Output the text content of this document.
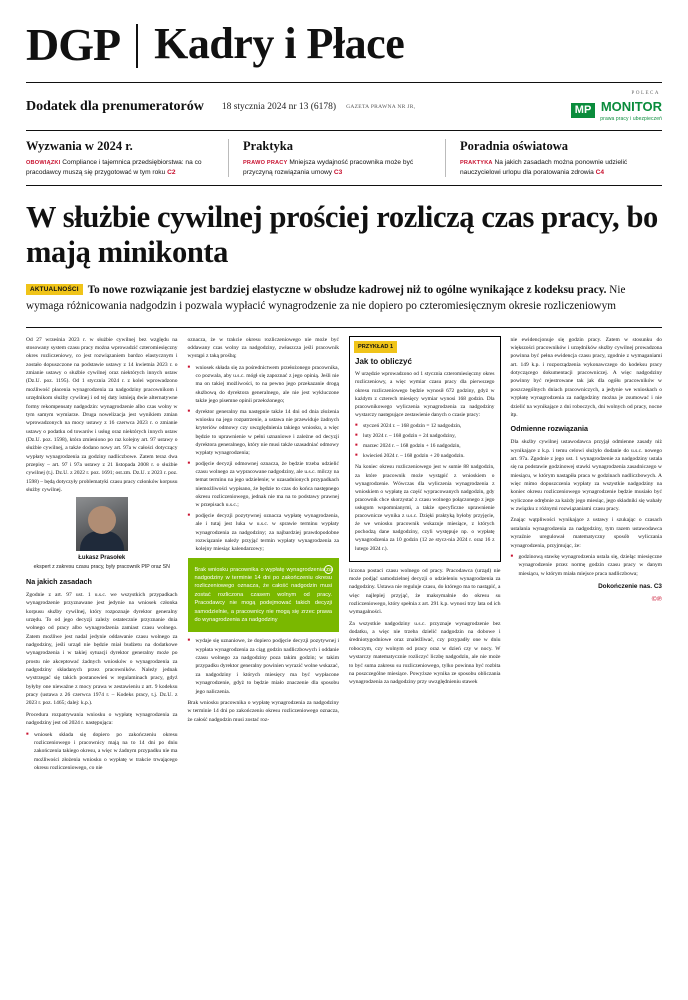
DGP Kadry i Płace
Dodatek dla prenumeratorów 18 stycznia 2024 nr 13 (6178) GAZETA PRAWNA NR JR,
POLECA
MP MONITOR
prawa pracy i ubezpieczeń
Wyzwania w 2024 r.
OBOWIĄZKI Compliance i tajemnica przedsiębiorstwa: na co pracodawcy muszą się przygotować w tym roku C2
Praktyka
PRAWO PRACY Mniejsza wydajność pracownika może być przyczyną rozwiązania umowy C3
Poradnia oświatowa
PRAKTYKA Na jakich zasadach można ponownie udzielić nauczycielowi urlopu dla poratowania zdrowia C4
W służbie cywilnej prościej rozliczą czas pracy, bo mają minikonta
AKTUALNOŚCI To nowe rozwiązanie jest bardziej elastyczne w obsłudze kadrowej niż to ogólne wynikające z kodeksu pracy. Nie wymaga różnicowania nadgodzin i pozwala wypłacić wynagrodzenie za nie dopiero po czteromiesięcznym okresie rozliczeniowym

Od 27 września 2023 r. w służbie cywilnej bez względu na stosowany system czasu pracy można wprowadzić czteromiesięczny okres rozliczeniowy, co jest rozwiązaniem bardzo elastycznym i zostało dopuszczone na podstawie ustawy z 14 kwietnia 2023 r. o zmianie ustawy o służbie cywilnej oraz niektórych innych ustaw (Dz.U. poz. 1195). Od 1 stycznia 2024 r. z kolei wprowadzono możliwość płacenia wynagrodzenia za nadgodziny pracownikom i urzędnikom służby cywilnej i od tej daty istnieją dwie alternatywne formy rekompensaty nadgodzin: wynagrodzenie albo czas wolny w tym samym wymiarze. Druga nowelizacja jest wynikiem zmian wprowadzonych na mocy ustawy z 16 czerwca 2023 r. o zmianie ustawy o podatku od towarów i usług oraz niektórych innych ustaw (Dz.U. poz. 1598), która zmieniono po raz kolejny art. 97 ustawy o służbie cywilnej, a także dodano nowy art. 97a w całości dotyczący wypłaty wynagrodzenia za godziny nadliczbowe. Zatem teraz dwa przepisy – art. 97 i 97a ustawy z 21 listopada 2008 r. o służbie cywilnej (t.j. Dz.U. z 2022 r. poz. 1691; ost.zm. Dz.U. z 2023 r. poz. 1598) – będą dotyczyły problematyki czasu pracy członków korpusu służby cywilnej.

Łukasz Prasołek
ekspert z zakresu czasu pracy, były pracownik PIP oraz SN
Na jakich zasadach

Zgodnie z art. 97 ust. 1 u.s.c. we wszystkich przypadkach wynagrodzenie przyznawane jest jedynie na wniosek członka korpusu służby cywilnej, który rozpoznaje dyrektor generalny urzędu. To od jego decyzji zależy ostatecznie przyznanie dnia wolnego od pracy albo wynagrodzenia zamiast czasu wolnego. Zatem możliwe jest nadal jedynie oddawanie czasu wolnego za nadgodziny, jeśli urząd nie będzie miał budżetu na dodatkowe wynagrodzenia i w takiej sytuacji dyrektor generalny może po prostu nie akceptować żadnych wniosków o wynagrodzenia za nadgodziny składanych przez pracowników. Należy jednak wystrzegać się takich postanowień w regulaminach pracy, gdyż byłyby one nieważne z mocy prawa w zestawieniu z art. 9 kodeksu pracy (ustawa z 26 czerwca 1974 r. – Kodeks pracy, t.j. Dz.U. z 2023 r. poz. 1465; dalej: k.p.).

Procedura rozpatrywania wniosku o wypłatę wynagrodzenia za nadgodziny jest od 2024 r. następująca:

■ wniosek składa się dopiero po zakończeniu okresu rozliczeniowego i pracownicy mają na to 14 dni po dniu zakończenia takiego okresu, a więc w żadnym przypadku nie ma możliwości złożenia wniosku o wypłatę w trakcie trwającego okresu rozliczeniowego, co nie

oznacza, że w trakcie okresu rozliczeniowego nie może być oddawany czas wolny za nadgodziny, zwłaszcza jeśli pracownik wystąpi z taką prośbą;

■ wniosek składa się za pośrednictwem przełożonego pracownika, co pozwala, aby u.s.c. mógł się zapoznać z jego opinią. Jeśli nie ma on takiej możliwości, to na pewno jego przekazanie drogą służbową do dyrektora generalnego, ale nie jest wykluczone także jego pisemne opinii przełożonego;
■ dyrektor generalny ma następnie także 14 dni od dnia złożenia wniosku na jego rozpatrzenie, a ustawa nie przewiduje żadnych kryteriów odmowy czy uwzględnienia takiego wniosku, a więc będzie to uprawnienie w pełni uznaniowe i zależne od decyzji dyrektora generalnego, który nie musi także uzasadniać odmowy wypłaty wynagrodzenia;
■ podjęcie decyzji odmownej oznacza, że będzie trzeba udzielić czasu wolnego za wypracowane nadgodziny, ale u.s.c. milczy na temat terminu na jego udzielenie; w uzasadnionych przypadkach niemożliwości wypisano, że będzie to czas do końca następnego okresu rozliczeniowego, jednak nie ma na to podstawy prawnej w przepisach u.s.c.;
■ podjęcie decyzji pozytywnej oznacza wypłatę wynagrodzenia, ale i tutaj jest luka w u.s.c. w sprawie terminu wypłaty wynagrodzenia za nadgodziny; za najbardziej prawdopodobne rozwiązanie należy przyjąć termin wypłaty wynagrodzenia za kolejny miesiąc kalendarzowy;

Brak wniosku pracownika o wypłatę wynagrodzenia za nadgodziny w terminie 14 dni po zakończeniu okresu rozliczeniowego oznacza, że całość nadgodzin musi zostać rozliczona czasem wolnym od pracy. Pracodawcy nie mogą podejmować takich decyzji samodzielnie, a pracownicy nie mogą się zrzec prawa do wynagrodzenia za nadgodziny

■ wydaje się uznaniowe, że dopiero podjęcie decyzji pozytywnej i wypłata wynagrodzenia za ciąg godzin nadliczbowych i oddanie czasu wolnego za nadgodziny poza takim godzin; w takim przypadku dyrektor generalny powinien wyrazić wolne wskazać, za nadgodziny i których miesięcy ma być wypłacone wynagrodzenie, gdyż to będzie miało znaczenie dla sposobu jego naliczenia.

Brak wniosku pracownika o wypłatę wynagrodzenia za nadgodziny w terminie 14 dni po zakończeniu okresu rozliczeniowego oznacza, że całość nadgodzin musi zostać roz-

PRZYKŁAD 1
Jak to obliczyć

W urzędzie wprowadzono od 1 stycznia czteromiesięczny okres rozliczeniowy, a więc wymiar czasu pracy dla pierwszego okresu rozliczeniowego będzie wynosił 672 godziny, gdyż w każdym z czterech miesięcy wymiar wynosi 168 godzin. Dla pracownikowego wyliczenia wynagrodzenia za nadgodziny wystarczy następujące zestawienie danych o czasie pracy:

■ styczeń 2024 r. – 168 godzin = 12 nadgodzin,
■ luty 2024 r. – 168 godzin + 24 nadgodziny,
■ marzec 2024 r. – 168 godzin + 16 nadgodzin,
■ kwiecień 2024 r. – 168 godzin + 20 nadgodzin.

Na koniec okresu rozliczeniowego jest w sumie 88 nadgodzin, za które pracownik może wystąpić z wnioskiem o wynagrodzenie. Wówczas dla wyliczenia wynagrodzenia z wnioskiem o wypłatę za część wypracowanych nadgodzin, gdy pracownik chce skorzystać z czasu wolnego połączonego z jego usługom wspomnianymi, a także specyficzne uprawnienie pracownicze wynika z u.s.c. Dzięki praktyką byłoby przyjęcie, że we wniosku pracownik wskazuje miesiące, z których pochodzą dane nadgodziny, czyli występuje np. o wypłatę wynagrodzenia za 10 godzin (12 ze stycz-nia 2024 r. oraz 16 z lutego 2024 r.).

liczona postaci czasu wolnego od pracy. Pracodawca (urząd) nie może podjąć samodzielnej decyzji o udzieleniu wynagrodzenia za nadgodziny. Ustawa nie reguluje czasu, do którego ma to nastąpić, a więc najlepiej przyjąć, że maksymalnie do okresu su rozliczeniowego, który spełnia z art. 291 k.p. wynosi trzy lata od ich wymagalności.

Za wszystkie nadgodziny u.s.c. przyznaje wynagrodzenie bez dodatku, a więc nie trzeba dzielić nadgodzin na dobowe i średniotygodniowe oraz znaleźliwać, czy przypadły one w dniu roboczym, czy wolnym od pracy oraz w dzień czy w nocy. W wystarczy matematycznie rozliczyć liczbę nadgodzin, ale nie może to być suma zakresu su rozliczeniowego, tylko powinna być rozbita na poszczególne miesiące. Powyższe wynika ze sposobu obliczania wynagrodzenia za nadgodziny przy uwzględnieniu stawek

nie ewidencjonuje się godzin pracy. Zatem w stosunku do większości pracowników i urzędników służby cywilnej prowadzona powinna być pełna ewidencja czasu pracy, zgodnie z wymaganiami art. 149 k.p. i rozporządzenia wykonawczego do kodeksu pracy dotyczącego dokumentacji pracowniczej. A więc nadgodziny powinny być rejestrowane tak jak dla ogółu pracowników w poszczególnych dniach pracowniczych, a jedynie we wnioskach o wypłatę wynagrodzenia za nadgodziny można je zsumować i nie dzielić na wynikające z dni roboczych, dni wolnych od pracy, nocne itp.

Odmienne rozwiązania

Dla służby cywilnej ustawodawca przyjął odmienne zasady niż wynikające z k.p. i temu celowi służyło dodanie do u.s.c. nowego art. 97a. Zgodnie z jego ust. 1 wynagrodzenie za nadgodziny ustala się na podstawie godzinowej stawki wynagrodzenia zasadniczego w miesiącu, w którym nastąpiła praca w godzinach nadliczbowych. A więc mimo dopuszczenia wypłaty za wszystkie nadgodziny na koniec okresu rozliczeniowego wynagrodzenie będzie musiało być wyliczone odrębnie za każdy jego miesiąc, jego składniki się wahały w związku z różnymi rozwiązaniami czasu pracy.

Znając wątpliwości wynikające z ustawy i szukając o czasach ustalania wynagrodzenia za nadgodziny, tym razem ustawodawca wyraźnie uregulował matematyczny sposób wyliczania wynagrodzenia, przyjmując, że:

■ godzinową stawkę wynagrodzenia ustala się, dzieląc miesięczne wynagrodzenie przez normę godzin czasu pracy w danym miesiącu, w którym miała miejsce praca nadliczbowa;
Dokończenie nas. C3
©℗
